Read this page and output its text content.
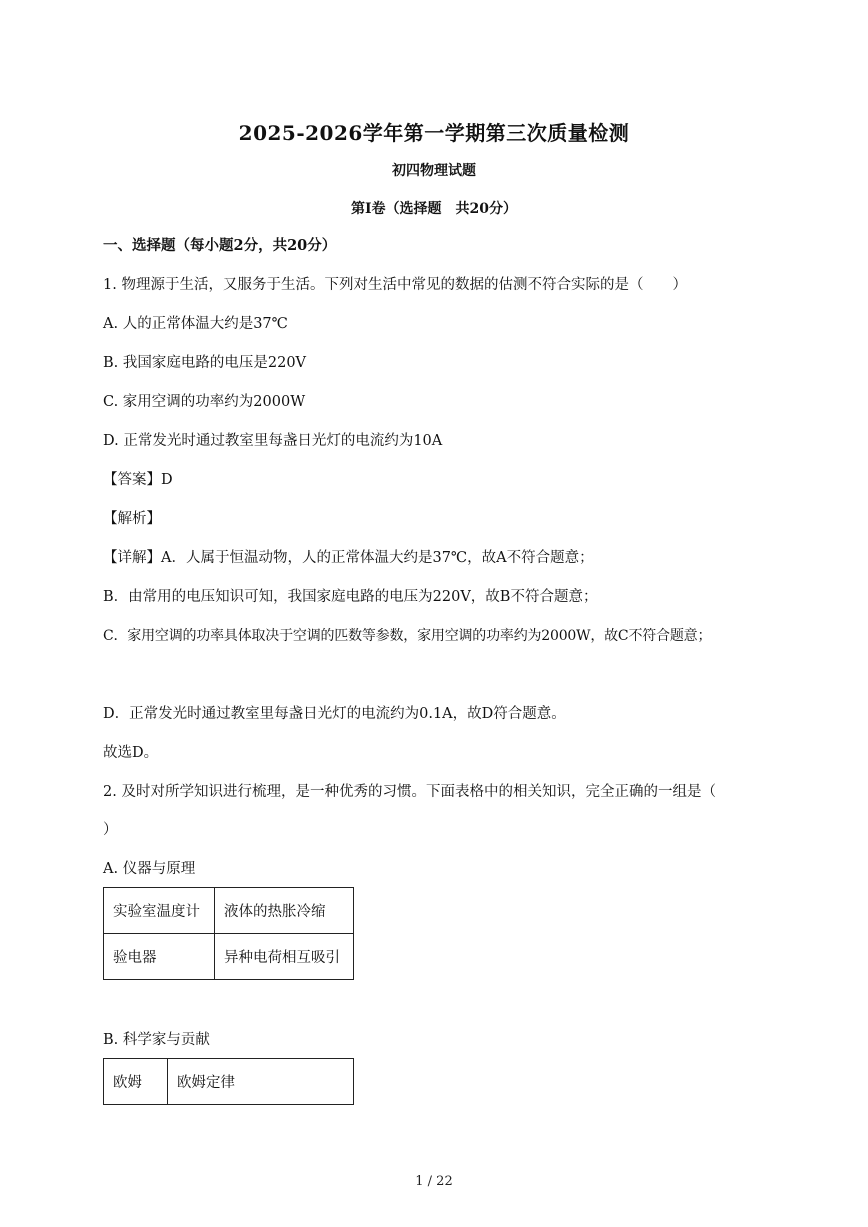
2025-2026学年第一学期第三次质量检测
初四物理试题
第Ⅰ卷（选择题　共20分）
一、选择题（每小题2分，共20分）
1. 物理源于生活，又服务于生活。下列对生活中常见的数据的估测不符合实际的是（　　）
A. 人的正常体温大约是37℃
B. 我国家庭电路的电压是220V
C. 家用空调的功率约为2000W
D. 正常发光时通过教室里每盏日光灯的电流约为10A
【答案】D
【解析】
【详解】A．人属于恒温动物，人的正常体温大约是37℃，故A不符合题意；
B．由常用的电压知识可知，我国家庭电路的电压为220V，故B不符合题意；
C．家用空调的功率具体取决于空调的匹数等参数，家用空调的功率约为2000W，故C不符合题意；
D．正常发光时通过教室里每盏日光灯的电流约为0.1A，故D符合题意。
故选D。
2. 及时对所学知识进行梳理，是一种优秀的习惯。下面表格中的相关知识，完全正确的一组是（
）
A. 仪器与原理
实验室温度计	液体的热胀冷缩
验电器	异种电荷相互吸引
B. 科学家与贡献
欧姆	欧姆定律
1 / 22
